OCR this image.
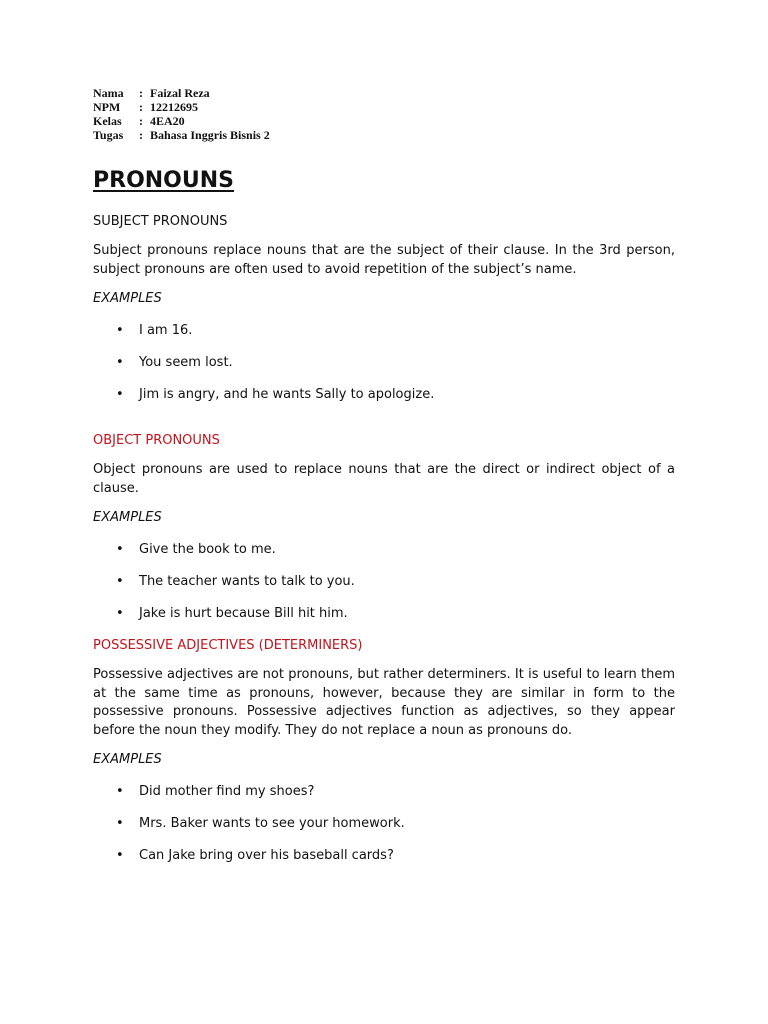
Nama	: Faizal Reza
NPM	: 12212695
Kelas	: 4EA20
Tugas	: Bahasa Inggris Bisnis 2
PRONOUNS
SUBJECT PRONOUNS

Subject pronouns replace nouns that are the subject of their clause. In the 3rd person, subject pronouns are often used to avoid repetition of the subject’s name.

EXAMPLES
• I am 16.
• You seem lost.
• Jim is angry, and he wants Sally to apologize.
OBJECT PRONOUNS

Object pronouns are used to replace nouns that are the direct or indirect object of a clause.

EXAMPLES
• Give the book to me.
• The teacher wants to talk to you.
• Jake is hurt because Bill hit him.
POSSESSIVE ADJECTIVES (DETERMINERS)

Possessive adjectives are not pronouns, but rather determiners. It is useful to learn them at the same time as pronouns, however, because they are similar in form to the possessive pronouns. Possessive adjectives function as adjectives, so they appear before the noun they modify. They do not replace a noun as pronouns do.

EXAMPLES
• Did mother find my shoes?
• Mrs. Baker wants to see your homework.
• Can Jake bring over his baseball cards?
